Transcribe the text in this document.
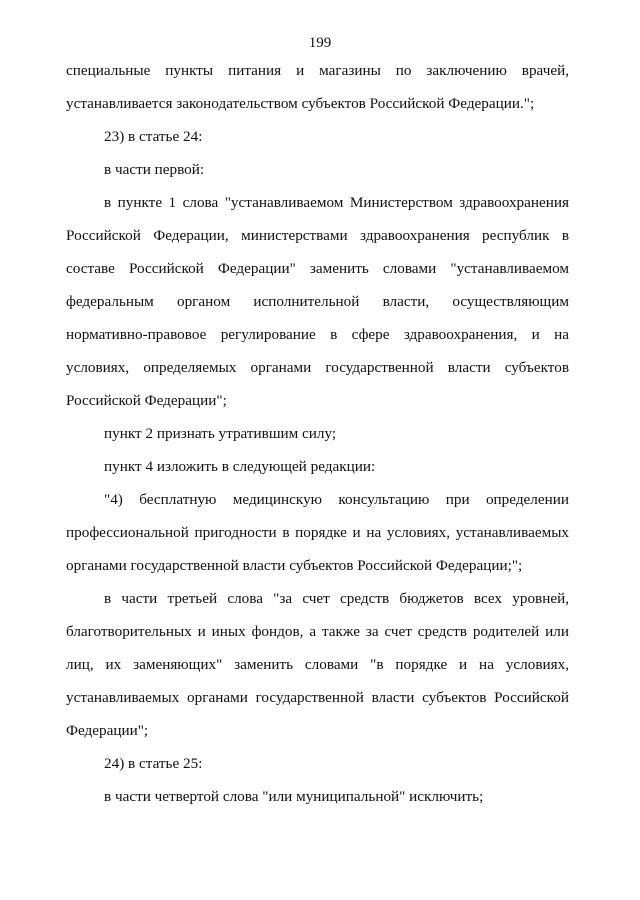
199

специальные пункты питания и магазины по заключению врачей,

устанавливается законодательством субъектов Российской Федерации.";

23) в статье 24:

в части первой:

в пункте 1 слова "устанавливаемом Министерством здравоохранения Российской Федерации, министерствами здравоохранения республик в составе Российской Федерации" заменить словами "устанавливаемом федеральным органом исполнительной власти, осуществляющим нормативно-правовое регулирование в сфере здравоохранения, и на условиях, определяемых органами государственной власти субъектов Российской Федерации";

пункт 2 признать утратившим силу;

пункт 4 изложить в следующей редакции:

"4) бесплатную медицинскую консультацию при определении профессиональной пригодности в порядке и на условиях, устанавливаемых органами государственной власти субъектов Российской Федерации;";

в части третьей слова "за счет средств бюджетов всех уровней, благотворительных и иных фондов, а также за счет средств родителей или лиц, их заменяющих" заменить словами "в порядке и на условиях, устанавливаемых органами государственной власти субъектов Российской Федерации";

24) в статье 25:

в части четвертой слова "или муниципальной" исключить;
